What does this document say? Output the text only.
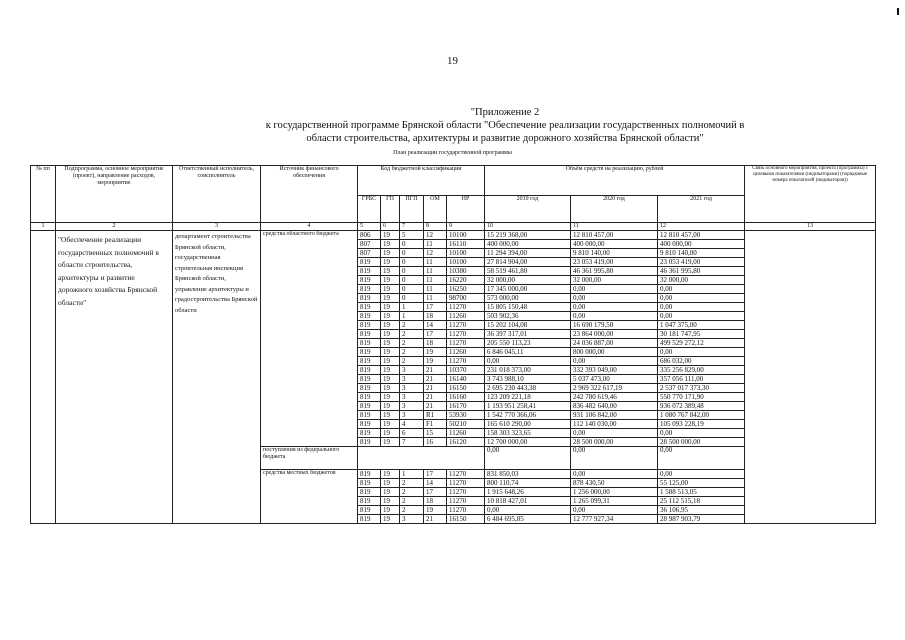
19
"Приложение 2
к государственной программе Брянской области "Обеспечение реализации государственных полномочий в области строительства, архитектуры и развитие дорожного хозяйства Брянской области"
План реализации государственной программы
№ пп	Подпрограмма, основное мероприятие (проект), направление расходов, мероприятие	Ответственный исполнитель, соисполнитель	Источник финансового обеспечения	Код бюджетной классификации					Объём средств на реализацию, рублей			Связь основного мероприятия, проекта (программы) с целевыми показателями (индикаторами) (порядковые номера показателей (индикаторов))
				ГРБС	ГП	ПГП	ОМ	НР	2019 год	2020 год	2021 год	
1	2	3	4	5	6	7	8	9	10	11	12	13
	"Обеспечение реализации государственных полномочий в области строительства, архитектуры и развитие дорожного хозяйства Брянской области"	департамент строительства Брянской области, государственная строительная инспекция Брянской области, управление архитектуры и градостроительства Брянской области	средства областного бюджета	806	19	5	12	10100	15 219 368,00	12 810 457,00	12 810 457,00	
				807	19	0	11	16110	400 000,00	400 000,00	400 000,00	
				807	19	0	12	10100	11 294 394,00	9 810 140,00	9 810 140,00	
				819	19	0	11	10100	27 814 904,00	23 053 419,00	23 053 419,00	
				819	19	0	11	10380	58 519 461,80	46 361 995,80	46 361 995,80	
				819	19	0	11	16220	32 000,00	32 000,00	32 000,00	
				819	19	0	11	16250	17 345 000,00	0,00	0,00	
				819	19	0	11	98700	573 000,00	0,00	0,00	
				819	19	1	17	11270	15 805 150,48	0,00	0,00	
				819	19	1	18	11260	503 902,36	0,00	0,00	
				819	19	2	14	11270	15 202 104,08	16 690 179,50	1 047 375,00	
				819	19	2	17	11270	36 397 317,01	23 864 000,00	30 181 747,95	
				819	19	2	18	11270	205 550 113,23	24 036 887,00	499 529 272,12	
				819	19	2	19	11260	6 846 045,11	800 000,00	0,00	
				819	19	2	19	11270	0,00	0,00	686 032,00	
				819	19	3	21	10370	231 018 373,00	332 393 049,00	335 256 829,00	
				819	19	3	21	16140	3 743 988,10	5 037 473,00	357 056 111,00	
				819	19	3	21	16150	2 695 230 443,38	2 969 322 617,19	2 537 017 373,30	
				819	19	3	21	16160	123 209 221,18	242 780 619,46	550 770 171,90	
				819	19	3	21	16170	1 193 951 258,41	836 482 640,00	936 072 389,48	
				819	19	3	R1	53930	1 542 770 366,06	931 106 842,00	1 080 767 842,00	
				819	19	4	F1	50210	165 610 290,00	112 140 030,00	105 093 228,19	
				819	19	6	15	11260	158 303 323,65	0,00	0,00	
				819	19	7	16	16120	12 700 000,00	28 500 000,00	28 500 000,00	
			поступления из федерального бюджета						0,00	0,00	0,00	
			средства местных бюджетов	819	19	1	17	11270	831 850,03	0,00	0,00	
				819	19	2	14	11270	800 110,74	878 430,50	55 125,00	
				819	19	2	17	11270	1 915 648,26	1 256 000,00	1 588 513,05	
				819	19	2	18	11270	10 818 427,01	1 265 099,31	25 112 515,18	
				819	19	2	19	11270	0,00	0,00	36 106,95	
				819	19	3	21	16150	6 484 695,85	12 777 927,34	28 987 903,79	
